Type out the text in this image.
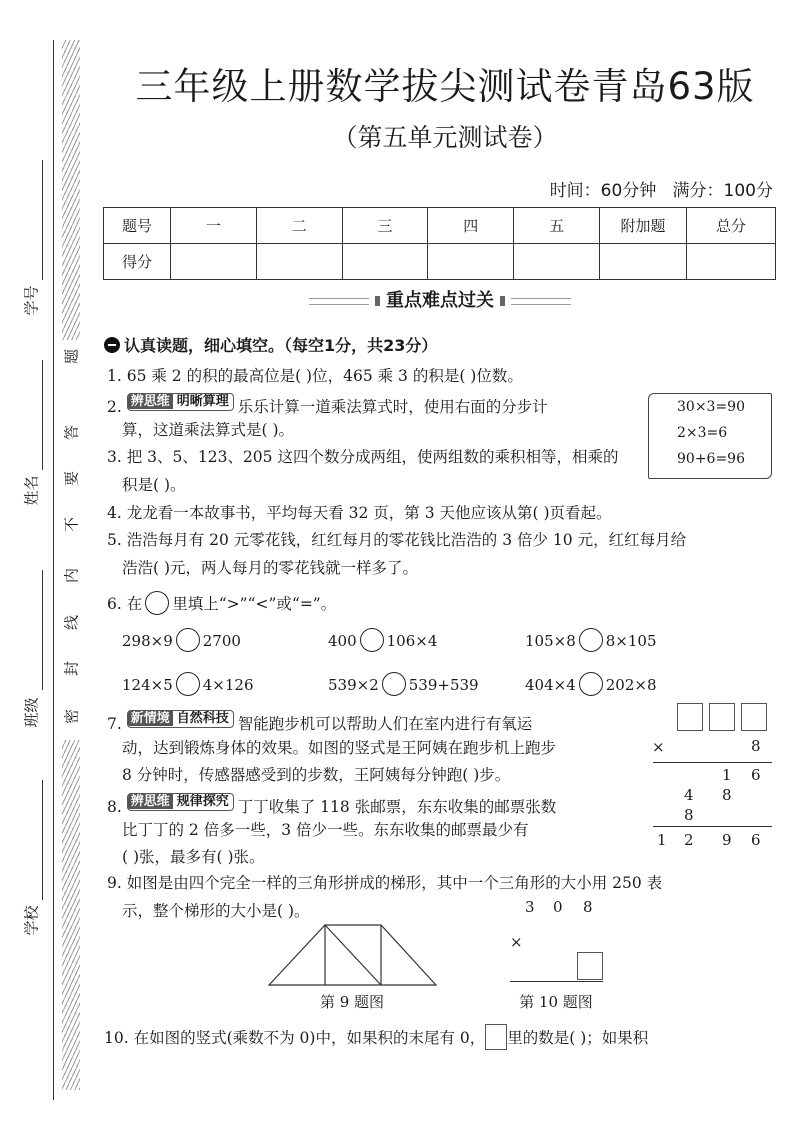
学号
姓名
班级
学校
题
答
要
不
内
线
封
密
三年级上册数学拔尖测试卷青岛63版
（第五单元测试卷）
时间：60分钟 满分：100分
题号	一	二	三	四	五	附加题	总分
得分							
重点难点过关
认真读题，细心填空。（每空1分，共23分）
1. 65 乘 2 的积的最高位是( )位，465 乘 3 的积是( )位数。
2. 辨思维 明晰算理 乐乐计算一道乘法算式时，使用右面的分步计
算，这道乘法算式是( )。
30×3=90
2×3=6
90+6=96
3. 把 3、5、123、205 这四个数分成两组，使两组数的乘积相等，相乘的
积是( )。
4. 龙龙看一本故事书，平均每天看 32 页，第 3 天他应该从第( )页看起。
5. 浩浩每月有 20 元零花钱，红红每月的零花钱比浩浩的 3 倍少 10 元，红红每月给
浩浩( )元，两人每月的零花钱就一样多了。
6. 在 里填上“>”“<”或“=”。
298×9 2700	400 106×4	105×8 8×105
124×5 4×126	539×2 539+539	404×4 202×8
7. 新情境 自然科技 智能跑步机可以帮助人们在室内进行有氧运
动，达到锻炼身体的效果。如图的竖式是王阿姨在跑步机上跑步
8 分钟时，传感器感受到的步数，王阿姨每分钟跑( )步。
×	8
1 6
4 8
8
1 2 9 6
8. 辨思维 规律探究 丁丁收集了 118 张邮票，东东收集的邮票张数
比丁丁的 2 倍多一些，3 倍少一些。东东收集的邮票最少有
( )张，最多有( )张。
9. 如图是由四个完全一样的三角形拼成的梯形，其中一个三角形的大小用 250 表
示，整个梯形的大小是( )。
第 9 题图
3 0 8
×
第 10 题图
10. 在如图的竖式(乘数不为 0)中，如果积的末尾有 0， 里的数是( )；如果积
